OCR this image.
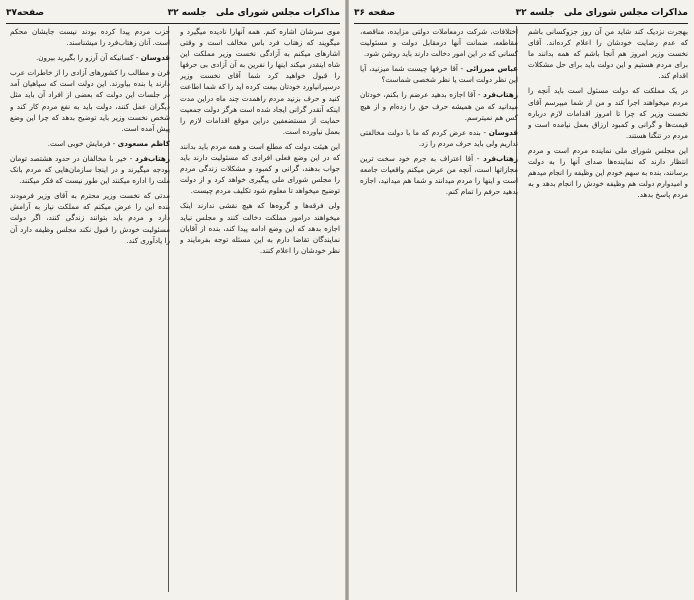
صفحه۳۷	مذاکرات مجلس شورای ملی   جلسه ۳۲

موی سرشان اشاره کنم. همه آنهارا نادیده میگیرد و میگویند که زهتاب فرد باس مخالف است و وقتی اشارهای میکنم به آزادگی نخست وزیر مملکت این شاه اینقدر میکند اینها را نفرین به آن آزادی بی حرفها را قبول خواهید کرد شما آقای نخست وزیر درسپرانیاورد خودتان بیعت کرده اید را که شما اطاعت کنید و حرف بزنید مردم راهمدت چند ماه دراین مدت اینکه آنقدر گرانی ایجاد شده است هرگز دولت جمعیت حمایت از مستضعفین دراین موقع اقدامات لازم را بعمل نیاورده است.

این هیئت دولت که مطلع است و همه مردم باید بدانند که در این وضع فعلی افرادی که مسئولیت دارند باید جواب بدهند، گرانی و کمبود و مشکلات زندگی مردم را مجلس شورای ملی پیگیری خواهد کرد و از دولت توضیح میخواهد تا معلوم شود تکلیف مردم چیست.

ولی فرقه‌ها و گروه‌ها که هیچ نقشی ندارند اینک میخواهند درامور مملکت دخالت کنند و مجلس نباید اجازه بدهد که این وضع ادامه پیدا کند، بنده از آقایان نمایندگان تقاضا دارم به این مسئله توجه بفرمایند و نظر خودشان را اعلام کنند.

حزب مردم پیدا کرده بودند نیست جایشان محکم است. آنان زهتاب‌فرد را میشناسند.

قدوسان - کسانیکه آن آرزو را بگیرید بیرون.

قرن و مطالب را کشورهای آزادی را از خاطرات عرب دارند یا بنده بیاورند. این دولت است که سپاهیان آمد در جلسات این دولت که بعضی از افراد آن باید مثل دیگران عمل کنند، دولت باید به نفع مردم کار کند و شخص نخست وزیر باید توضیح بدهد که چرا این وضع پیش آمده است.

کاظم مسعودی - فرمایش خوبی است.

زهتاب‌فرد - خیر با مخالفان در حدود هشتصد تومان بودجه میگیرند و در اینجا سازمان‌هایی که مردم بانک ملت را اداره میکنند این طور نیست که فکر میکنند.

مدتی که نخست وزیر محترم به آقای وزیر فرمودند بنده این را عرض میکنم که مملکت نیاز به آرامش دارد و مردم باید بتوانند زندگی کنند، اگر دولت مسئولیت خودش را قبول نکند مجلس وظیفه دارد آن را یادآوری کند.

صفحه ۳۶	مذاکرات مجلس شورای ملی   جلسه ۳۲

بهجرت نزدیک کند شاید من آن روز جزوکسانی باشم که عدم رضایت خودشان را اعلام کرده‌اند. آقای نخست وزیر امروز هم آنجا باشم که همه بدانند ما برای مردم هستیم و این دولت باید برای حل مشکلات اقدام کند.

در یک مملکت که دولت مسئول است باید آنچه را مردم میخواهند اجرا کند و من از شما میپرسم آقای نخست وزیر که چرا تا امروز اقدامات لازم درباره قیمت‌ها و گرانی و کمبود ارزاق بعمل نیامده است و مردم در تنگنا هستند.

این مجلس شورای ملی نماینده مردم است و مردم انتظار دارند که نماینده‌ها صدای آنها را به دولت برسانند، بنده به سهم خودم این وظیفه را انجام میدهم و امیدوارم دولت هم وظیفه خودش را انجام بدهد و به مردم پاسخ بدهد.

اختلافات، شرکت درمعاملات دولتی مزایده، مناقصه، مقاطعه، ضمانت آنها درمقابل دولت و مسئولیت کسانی که در این امور دخالت دارند باید روشن شود.

عباس میرزائی - آقا حرفها چیست شما میزنید، آیا این نظر دولت است یا نظر شخصی شماست؟

زهتاب‌فرد - آقا اجازه بدهید عرضم را بکنم، خودتان میدانید که من همیشه حرف حق را زده‌ام و از هیچ کس هم نمیترسم.

قدوسان - بنده عرض کردم که ما با دولت مخالفتی نداریم ولی باید حرف مردم را زد.

زهتاب‌فرد - آقا اعتراف به جرم خود سخت ترین مجازاتها است، آنچه من عرض میکنم واقعیات جامعه است و اینها را مردم میدانند و شما هم میدانید، اجازه بدهید حرفم را تمام کنم.
